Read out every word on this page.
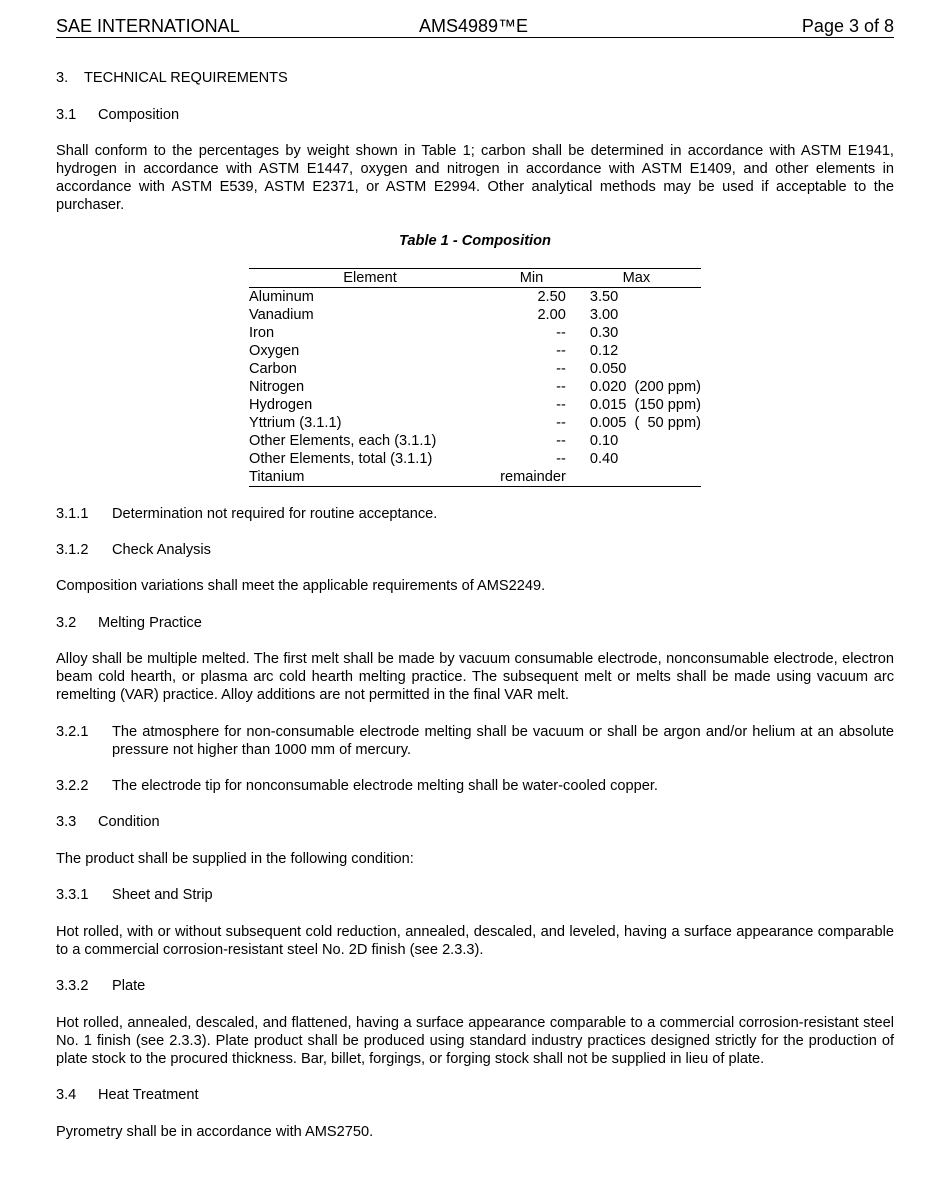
SAE INTERNATIONAL	AMS4989™E	Page 3 of 8
3. TECHNICAL REQUIREMENTS
3.1 Composition
Shall conform to the percentages by weight shown in Table 1; carbon shall be determined in accordance with ASTM E1941, hydrogen in accordance with ASTM E1447, oxygen and nitrogen in accordance with ASTM E1409, and other elements in accordance with ASTM E539, ASTM E2371, or ASTM E2994. Other analytical methods may be used if acceptable to the purchaser.
Table 1 - Composition
Element	Min	Max
Aluminum	2.50	3.50
Vanadium	2.00	3.00
Iron	--	0.30
Oxygen	--	0.12
Carbon	--	0.050
Nitrogen	--	0.020  (200 ppm)
Hydrogen	--	0.015  (150 ppm)
Yttrium (3.1.1)	--	0.005  (  50 ppm)
Other Elements, each (3.1.1)	--	0.10
Other Elements, total (3.1.1)	--	0.40
Titanium	remainder	
3.1.1 Determination not required for routine acceptance.
3.1.2 Check Analysis
Composition variations shall meet the applicable requirements of AMS2249.
3.2 Melting Practice
Alloy shall be multiple melted. The first melt shall be made by vacuum consumable electrode, nonconsumable electrode, electron beam cold hearth, or plasma arc cold hearth melting practice. The subsequent melt or melts shall be made using vacuum arc remelting (VAR) practice. Alloy additions are not permitted in the final VAR melt.
3.2.1	The atmosphere for non-consumable electrode melting shall be vacuum or shall be argon and/or helium at an absolute pressure not higher than 1000 mm of mercury.
3.2.2 The electrode tip for nonconsumable electrode melting shall be water-cooled copper.
3.3 Condition
The product shall be supplied in the following condition:
3.3.1 Sheet and Strip
Hot rolled, with or without subsequent cold reduction, annealed, descaled, and leveled, having a surface appearance comparable to a commercial corrosion-resistant steel No. 2D finish (see 2.3.3).
3.3.2 Plate
Hot rolled, annealed, descaled, and flattened, having a surface appearance comparable to a commercial corrosion-resistant steel No. 1 finish (see 2.3.3). Plate product shall be produced using standard industry practices designed strictly for the production of plate stock to the procured thickness. Bar, billet, forgings, or forging stock shall not be supplied in lieu of plate.
3.4 Heat Treatment
Pyrometry shall be in accordance with AMS2750.
